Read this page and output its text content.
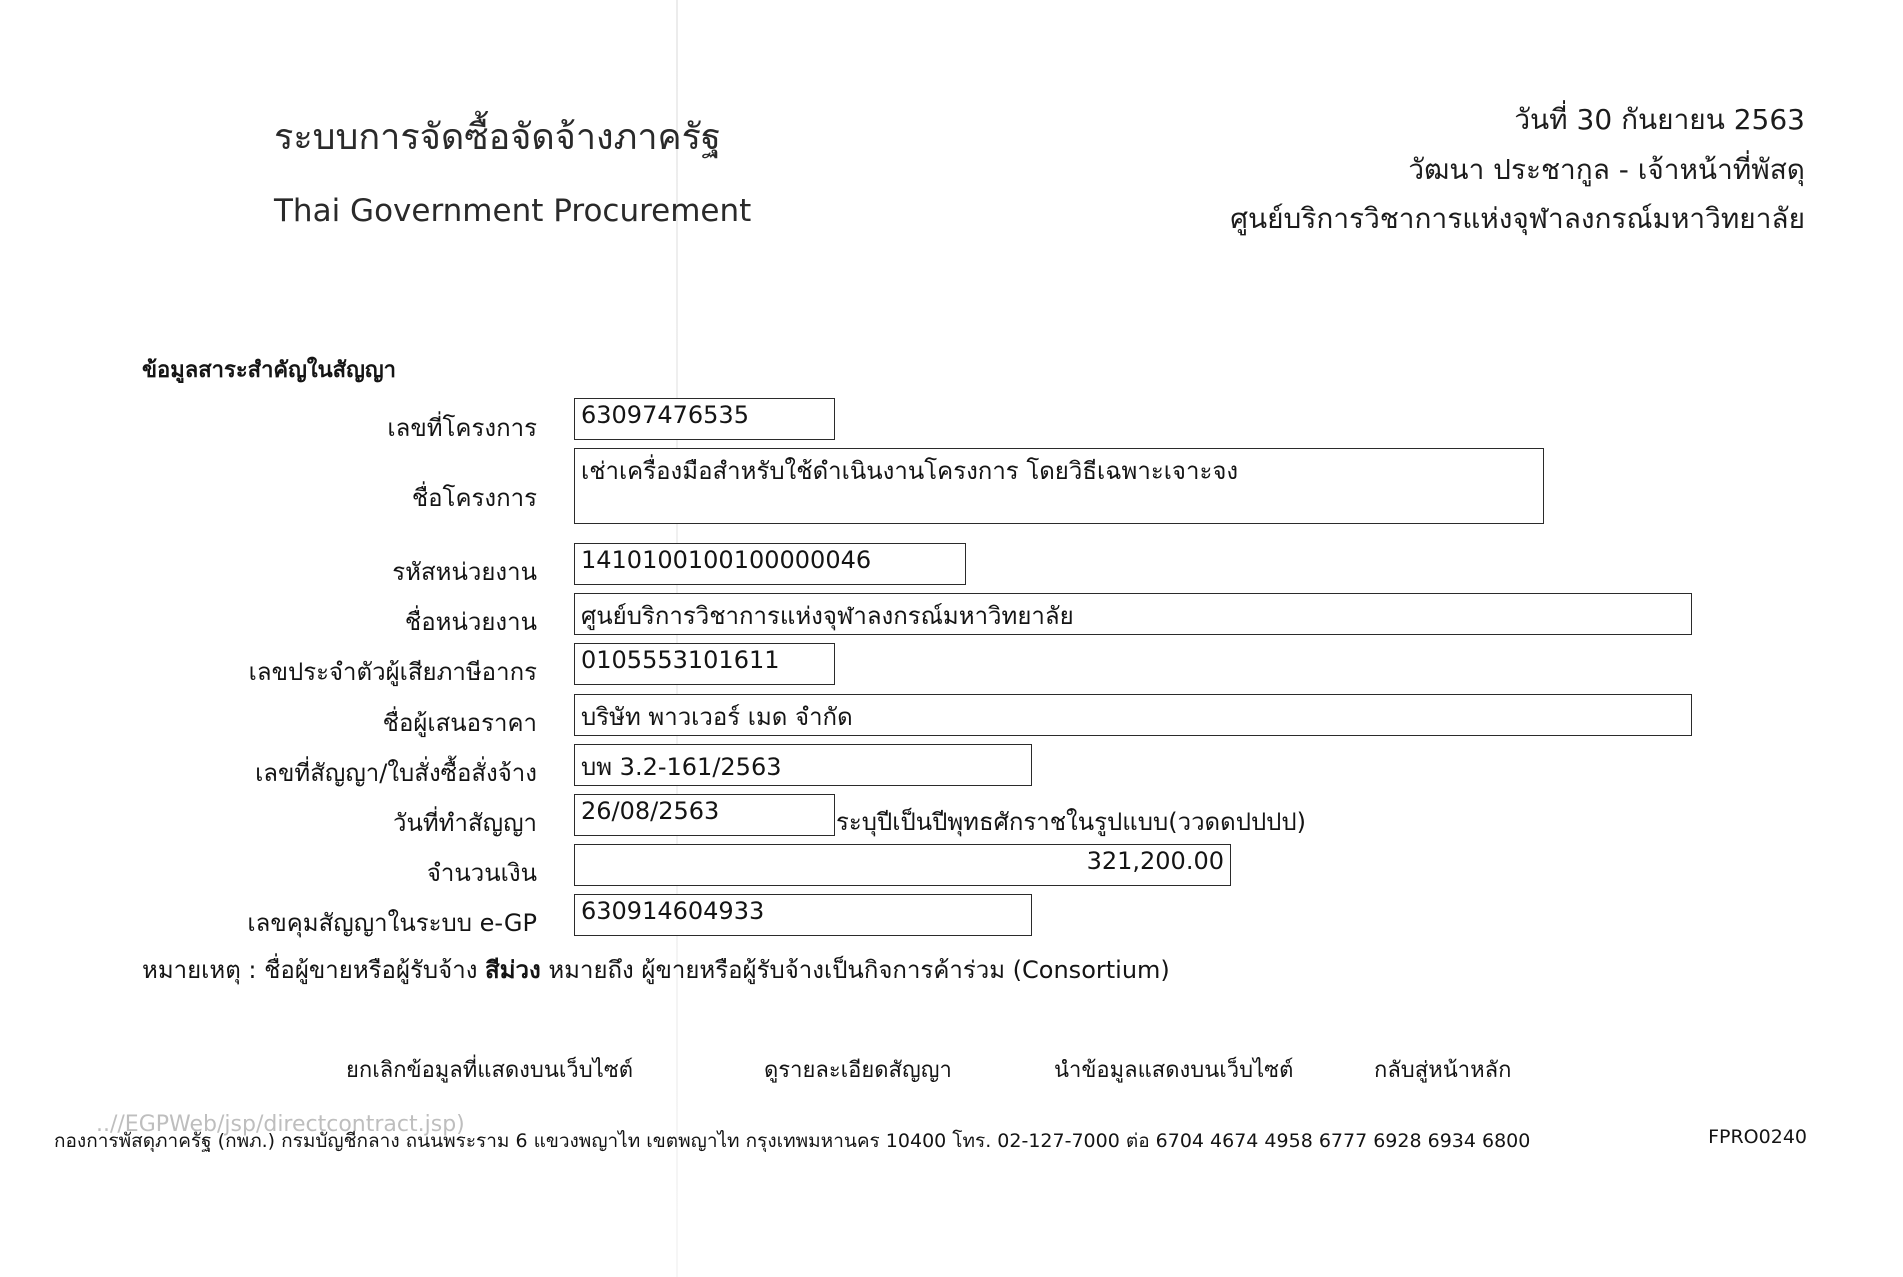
ระบบการจัดซื้อจัดจ้างภาครัฐ
Thai Government Procurement
วันที่ 30 กันยายน 2563
วัฒนา ประชากูล - เจ้าหน้าที่พัสดุ
ศูนย์บริการวิชาการแห่งจุฬาลงกรณ์มหาวิทยาลัย
ข้อมูลสาระสำคัญในสัญญา
เลขที่โครงการ 63097476535
ชื่อโครงการ
เช่าเครื่องมือสำหรับใช้ดำเนินงานโครงการ โดยวิธีเฉพาะเจาะจง
รหัสหน่วยงาน 1410100100100000046
ชื่อหน่วยงาน ศูนย์บริการวิชาการแห่งจุฬาลงกรณ์มหาวิทยาลัย
เลขประจำตัวผู้เสียภาษีอากร 0105553101611
ชื่อผู้เสนอราคา บริษัท พาวเวอร์ เมด จำกัด
เลขที่สัญญา/ใบสั่งซื้อสั่งจ้าง บพ 3.2-161/2563
วันที่ทำสัญญา 26/08/2563	ระบุปีเป็นปีพุทธศักราชในรูปแบบ(ววดดปปปป)
จำนวนเงิน	321,200.00
เลขคุมสัญญาในระบบ e-GP 630914604933
หมายเหตุ : ชื่อผู้ขายหรือผู้รับจ้าง สีม่วง หมายถึง ผู้ขายหรือผู้รับจ้างเป็นกิจการค้าร่วม (Consortium)
ยกเลิกข้อมูลที่แสดงบนเว็บไซต์	ดูรายละเอียดสัญญา	นำข้อมูลแสดงบนเว็บไซต์	กลับสู่หน้าหลัก
..//EGPWeb/jsp/directcontract.jsp)
กองการพัสดุภาครัฐ (กพภ.) กรมบัญชีกลาง ถนนพระราม 6 แขวงพญาไท เขตพญาไท กรุงเทพมหานคร 10400 โทร. 02-127-7000 ต่อ 6704 4674 4958 6777 6928 6934 6800	FPRO0240
